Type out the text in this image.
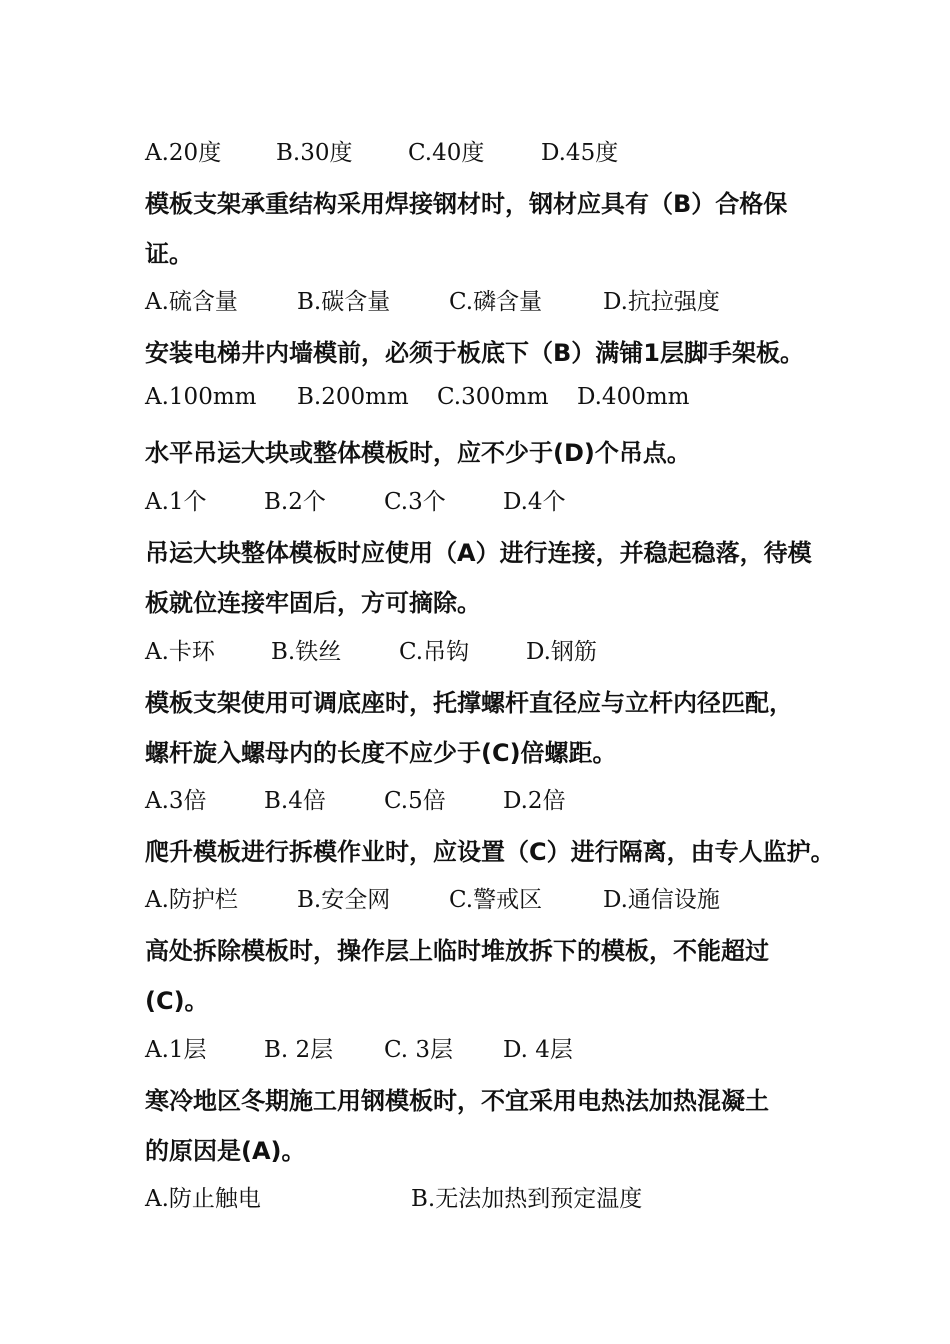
A.20度 B.30度 C.40度 D.45度
模板支架承重结构采用焊接钢材时，钢材应具有（B）合格保
证。
A.硫含量	B.碳含量	C.磷含量	D.抗拉强度
安装电梯井内墙模前，必须于板底下（B）满铺1层脚手架板。
A.100mm B.200mm C.300mm D.400mm
水平吊运大块或整体模板时，应不少于(D)个吊点。
A.1个 B.2个	C.3个 D.4个
吊运大块整体模板时应使用（A）进行连接，并稳起稳落，待模
板就位连接牢固后，方可摘除。
A.卡环 B.铁丝	C.吊钩 D.钢筋
模板支架使用可调底座时，托撑螺杆直径应与立杆内径匹配，
螺杆旋入螺母内的长度不应少于(C)倍螺距。
A.3倍 B.4倍	C.5倍 D.2倍
爬升模板进行拆模作业时，应设置（C）进行隔离，由专人监护。
A.防护栏	B.安全网	C.警戒区	D.通信设施
高处拆除模板时，操作层上临时堆放拆下的模板，不能超过
(C)。
A.1层 B. 2层 C. 3层 D. 4层
寒冷地区冬期施工用钢模板时，不宜采用电热法加热混凝土
的原因是(A)。
A.防止触电	B.无法加热到预定温度
